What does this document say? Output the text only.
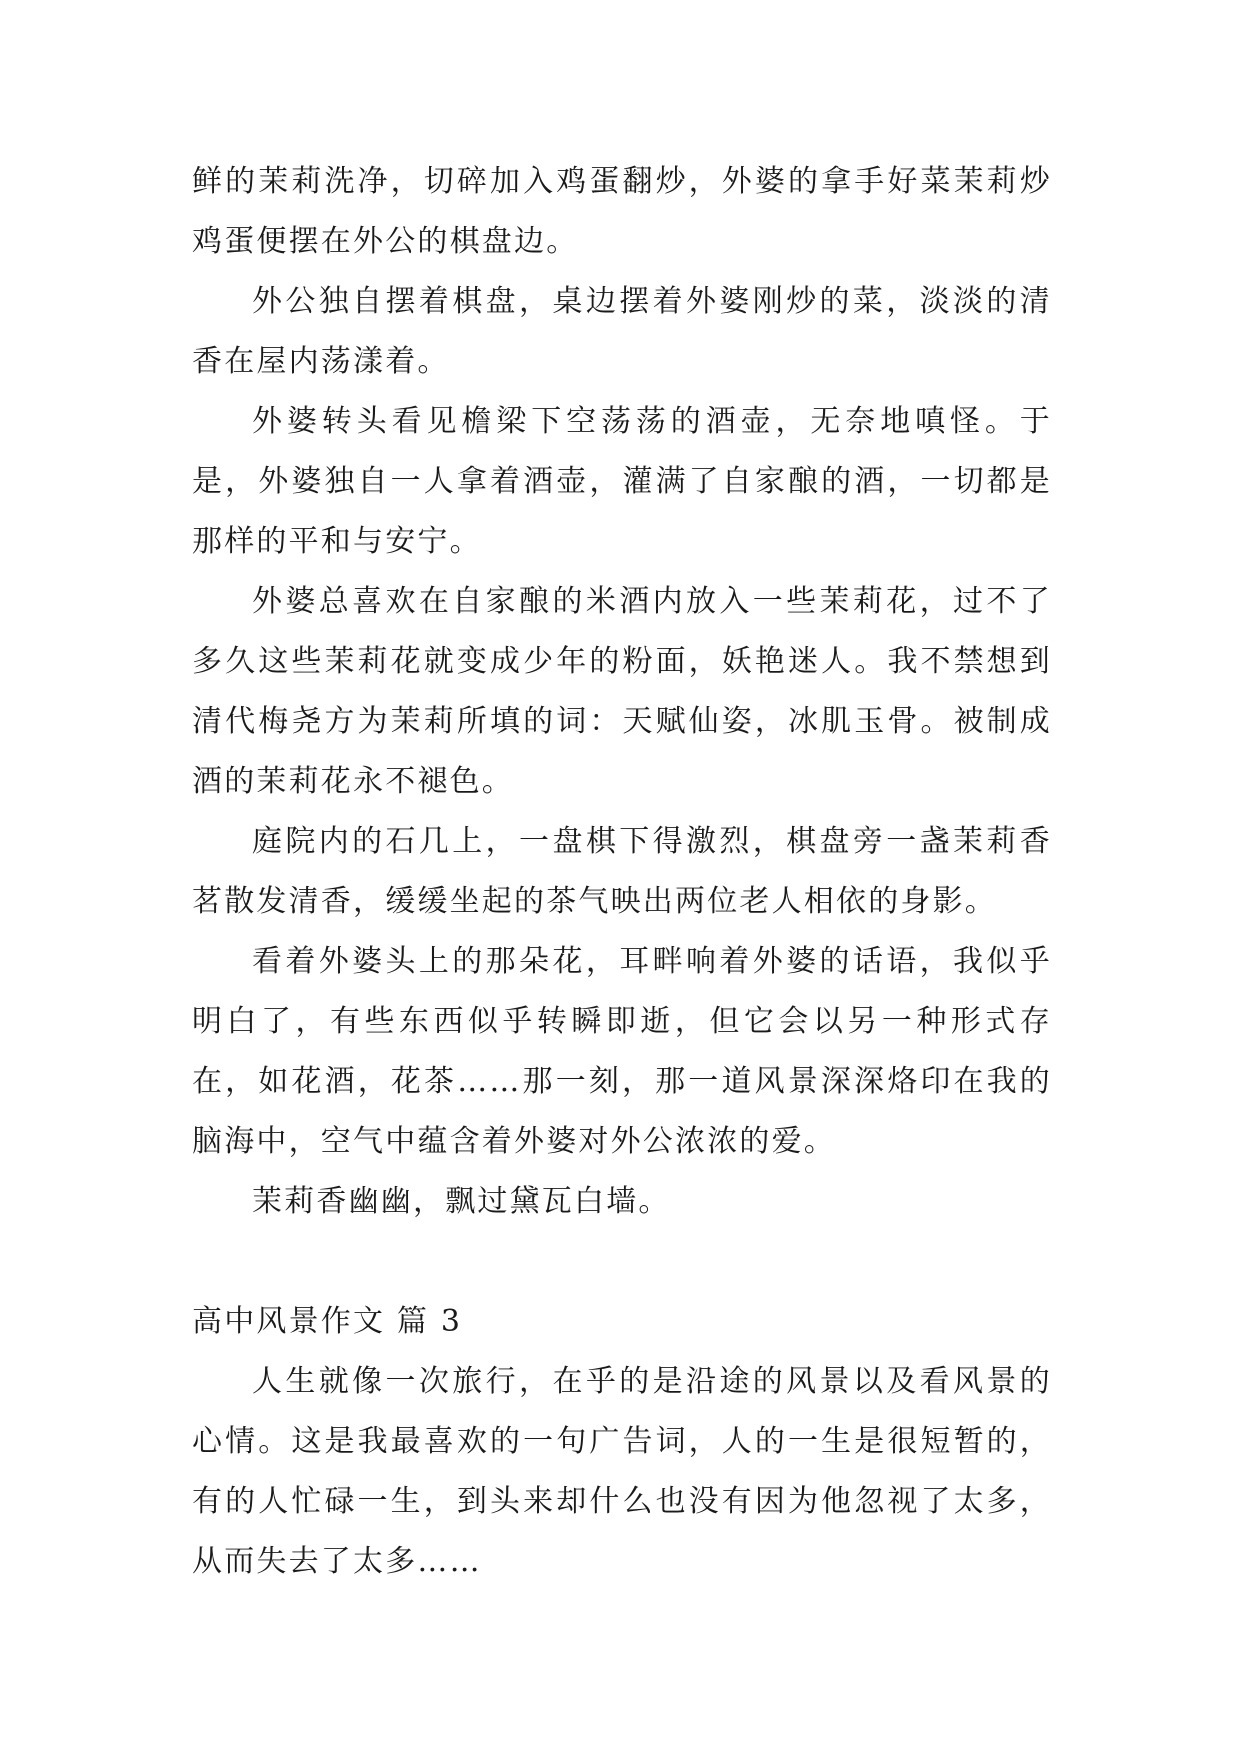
鲜的茉莉洗净，切碎加入鸡蛋翻炒，外婆的拿手好菜茉莉炒鸡蛋便摆在外公的棋盘边。

外公独自摆着棋盘，桌边摆着外婆刚炒的菜，淡淡的清香在屋内荡漾着。

外婆转头看见檐梁下空荡荡的酒壶，无奈地嗔怪。于是，外婆独自一人拿着酒壶，灌满了自家酿的酒，一切都是那样的平和与安宁。

外婆总喜欢在自家酿的米酒内放入一些茉莉花，过不了多久这些茉莉花就变成少年的粉面，妖艳迷人。我不禁想到清代梅尧方为茉莉所填的词：天赋仙姿，冰肌玉骨。被制成酒的茉莉花永不褪色。

庭院内的石几上，一盘棋下得激烈，棋盘旁一盏茉莉香茗散发清香，缓缓坐起的茶气映出两位老人相依的身影。

看着外婆头上的那朵花，耳畔响着外婆的话语，我似乎明白了，有些东西似乎转瞬即逝，但它会以另一种形式存在，如花酒，花茶……那一刻，那一道风景深深烙印在我的脑海中，空气中蕴含着外婆对外公浓浓的爱。

茉莉香幽幽，飘过黛瓦白墙。

高中风景作文 篇 3

人生就像一次旅行，在乎的是沿途的风景以及看风景的心情。这是我最喜欢的一句广告词，人的一生是很短暂的，有的人忙碌一生，到头来却什么也没有因为他忽视了太多，从而失去了太多……
